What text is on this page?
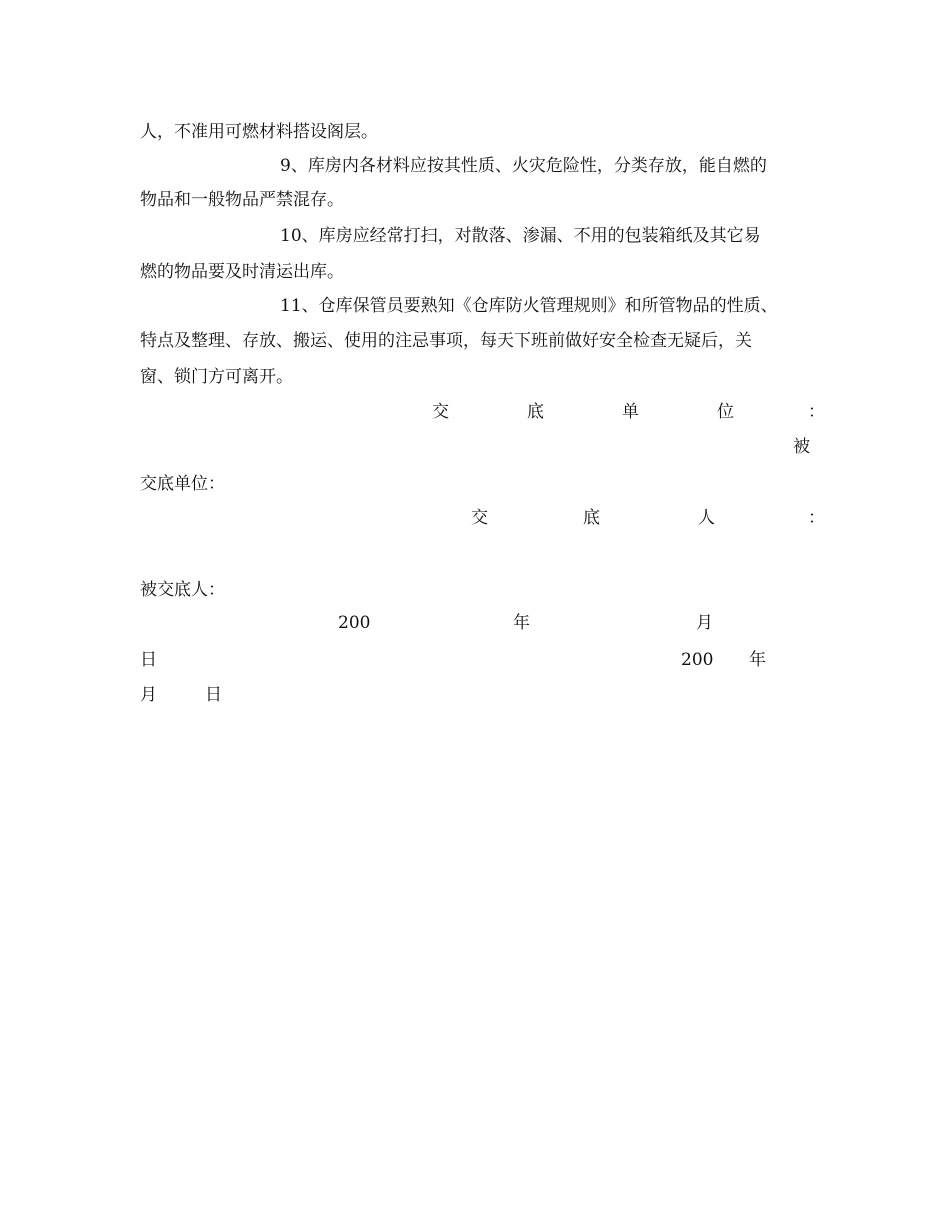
人，不准用可燃材料搭设阁层。
9、库房内各材料应按其性质、火灾危险性，分类存放，能自燃的
物品和一般物品严禁混存。
10、库房应经常打扫，对散落、渗漏、不用的包装箱纸及其它易
燃的物品要及时清运出库。
11、仓库保管员要熟知《仓库防火管理规则》和所管物品的性质、
特点及整理、存放、搬运、使用的注忌事项，每天下班前做好安全检查无疑后，关
窗、锁门方可离开。
交	底	单	位	：
被
交底单位：
交	底	人	：
被交底人：
200	年	月
日	200 年
月	日
